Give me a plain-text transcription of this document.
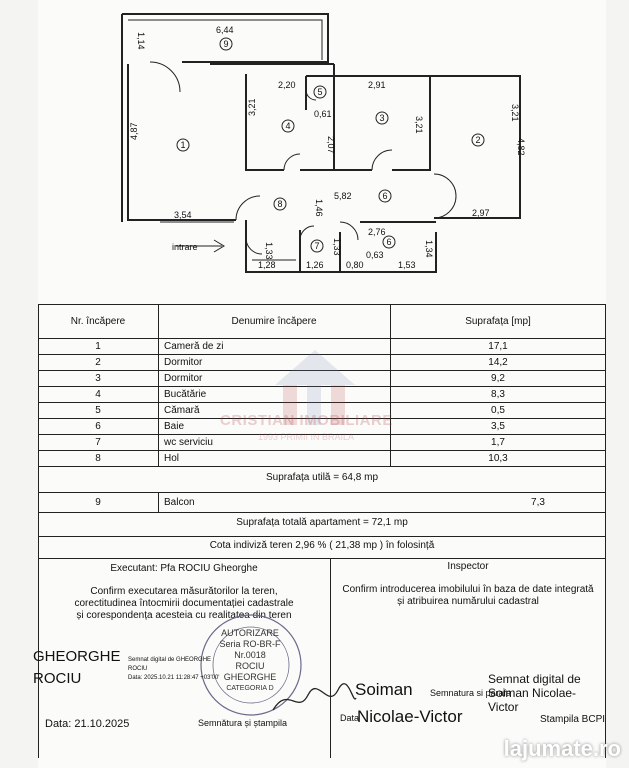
9
5
1
4
3
2
8
6
7	6
6,44
1,14
2,20
0,61
2,91
3,21
3,21
2,07
3,21
4,87
4,82
3,54	1,46
5,82
2,97
2,76
1,33	1,33	1,34
1,28	1,26 0,80
0,63
1,53
intrare
CRISTIAN IMOBILIARE
1993 PRIMII IN BRAILA
Nr. încăpere	Denumire încăpere	Suprafața [mp]
1	Cameră de zi	17,1
2	Dormitor	14,2
3	Dormitor	9,2
4	Bucătărie	8,3
5	Cămară	0,5
6	Baie	3,5
7	wc serviciu	1,7
8	Hol	10,3
Suprafața utilă = 64,8 mp
9	Balcon	7,3
Suprafața totală apartament = 72,1 mp
Cota indiviză teren 2,96 % ( 21,38 mp ) în folosință
Executant: Pfa ROCIU Gheorghe	Inspector
Confirm executarea măsurătorilor la teren,
corectitudinea întocmirii documentației cadastrale
și corespondența acesteia cu realitatea din teren
Confirm introducerea imobilului în baza de date integrată
și atribuirea numărului cadastral
AUTORIZARE
Seria RO-BR-F
Nr.0018
ROCIU
GHEORGHE
CATEGORIA D
GHEORGHE
ROCIU
Semnat digital de GHEORGHE
ROCIU
Data: 2025.10.21 11:28:47 +03'00'
Data: 21.10.2025	Semnătura și ștampila
Soiman
Nicolae-Victor
Data
Semnatura si parafa
Semnat digital de
Soiman Nicolae-
Victor
Stampila BCPI
lajumate.ro
